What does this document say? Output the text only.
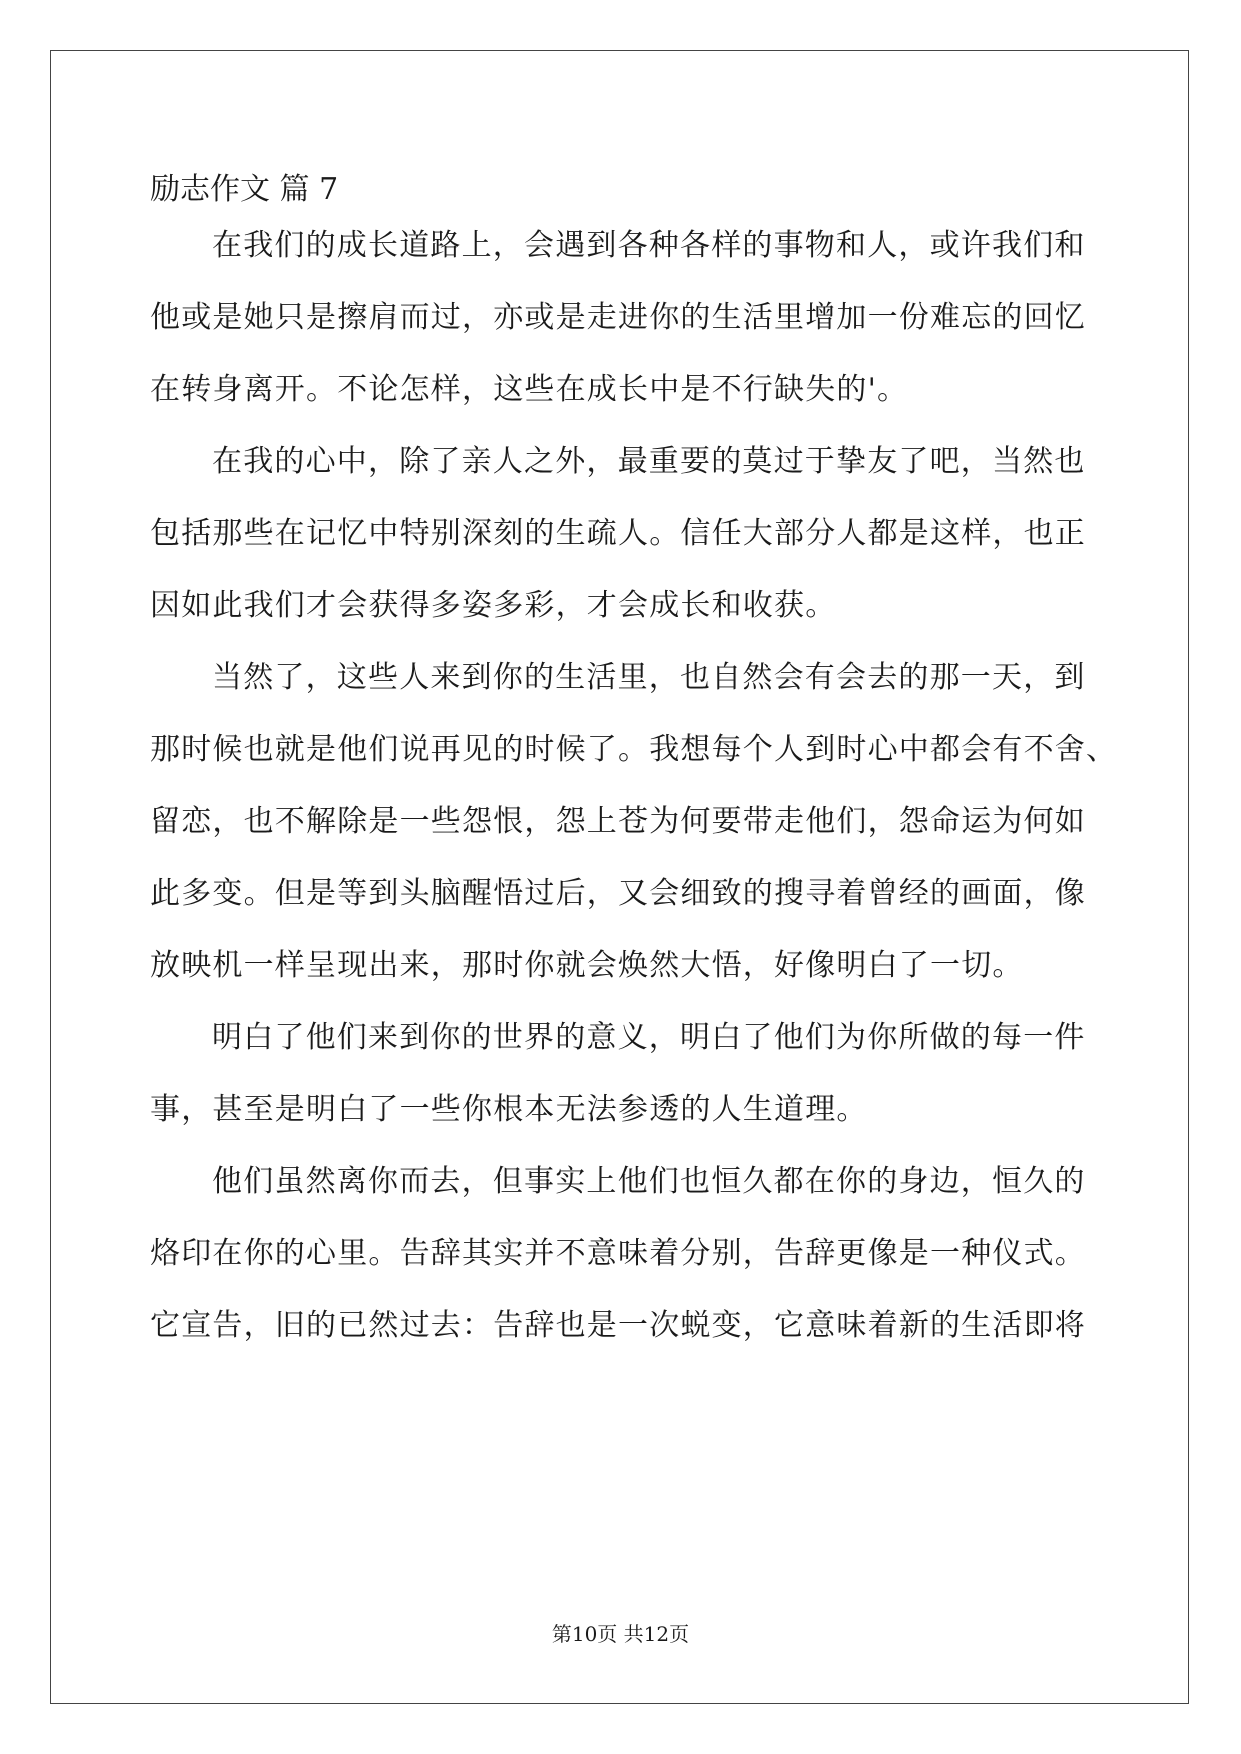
励志作文 篇 7
在我们的成长道路上，会遇到各种各样的事物和人，或许我们和
他或是她只是擦肩而过，亦或是走进你的生活里增加一份难忘的回忆
在转身离开。不论怎样，这些在成长中是不行缺失的'。
在我的心中，除了亲人之外，最重要的莫过于挚友了吧，当然也
包括那些在记忆中特别深刻的生疏人。信任大部分人都是这样，也正
因如此我们才会获得多姿多彩，才会成长和收获。
当然了，这些人来到你的生活里，也自然会有会去的那一天，到
那时候也就是他们说再见的时候了。我想每个人到时心中都会有不舍、
留恋，也不解除是一些怨恨，怨上苍为何要带走他们，怨命运为何如
此多变。但是等到头脑醒悟过后，又会细致的搜寻着曾经的画面，像
放映机一样呈现出来，那时你就会焕然大悟，好像明白了一切。
明白了他们来到你的世界的意义，明白了他们为你所做的每一件
事，甚至是明白了一些你根本无法参透的人生道理。
他们虽然离你而去，但事实上他们也恒久都在你的身边，恒久的
烙印在你的心里。告辞其实并不意味着分别，告辞更像是一种仪式。
它宣告，旧的已然过去：告辞也是一次蜕变，它意味着新的生活即将
第10页 共12页
